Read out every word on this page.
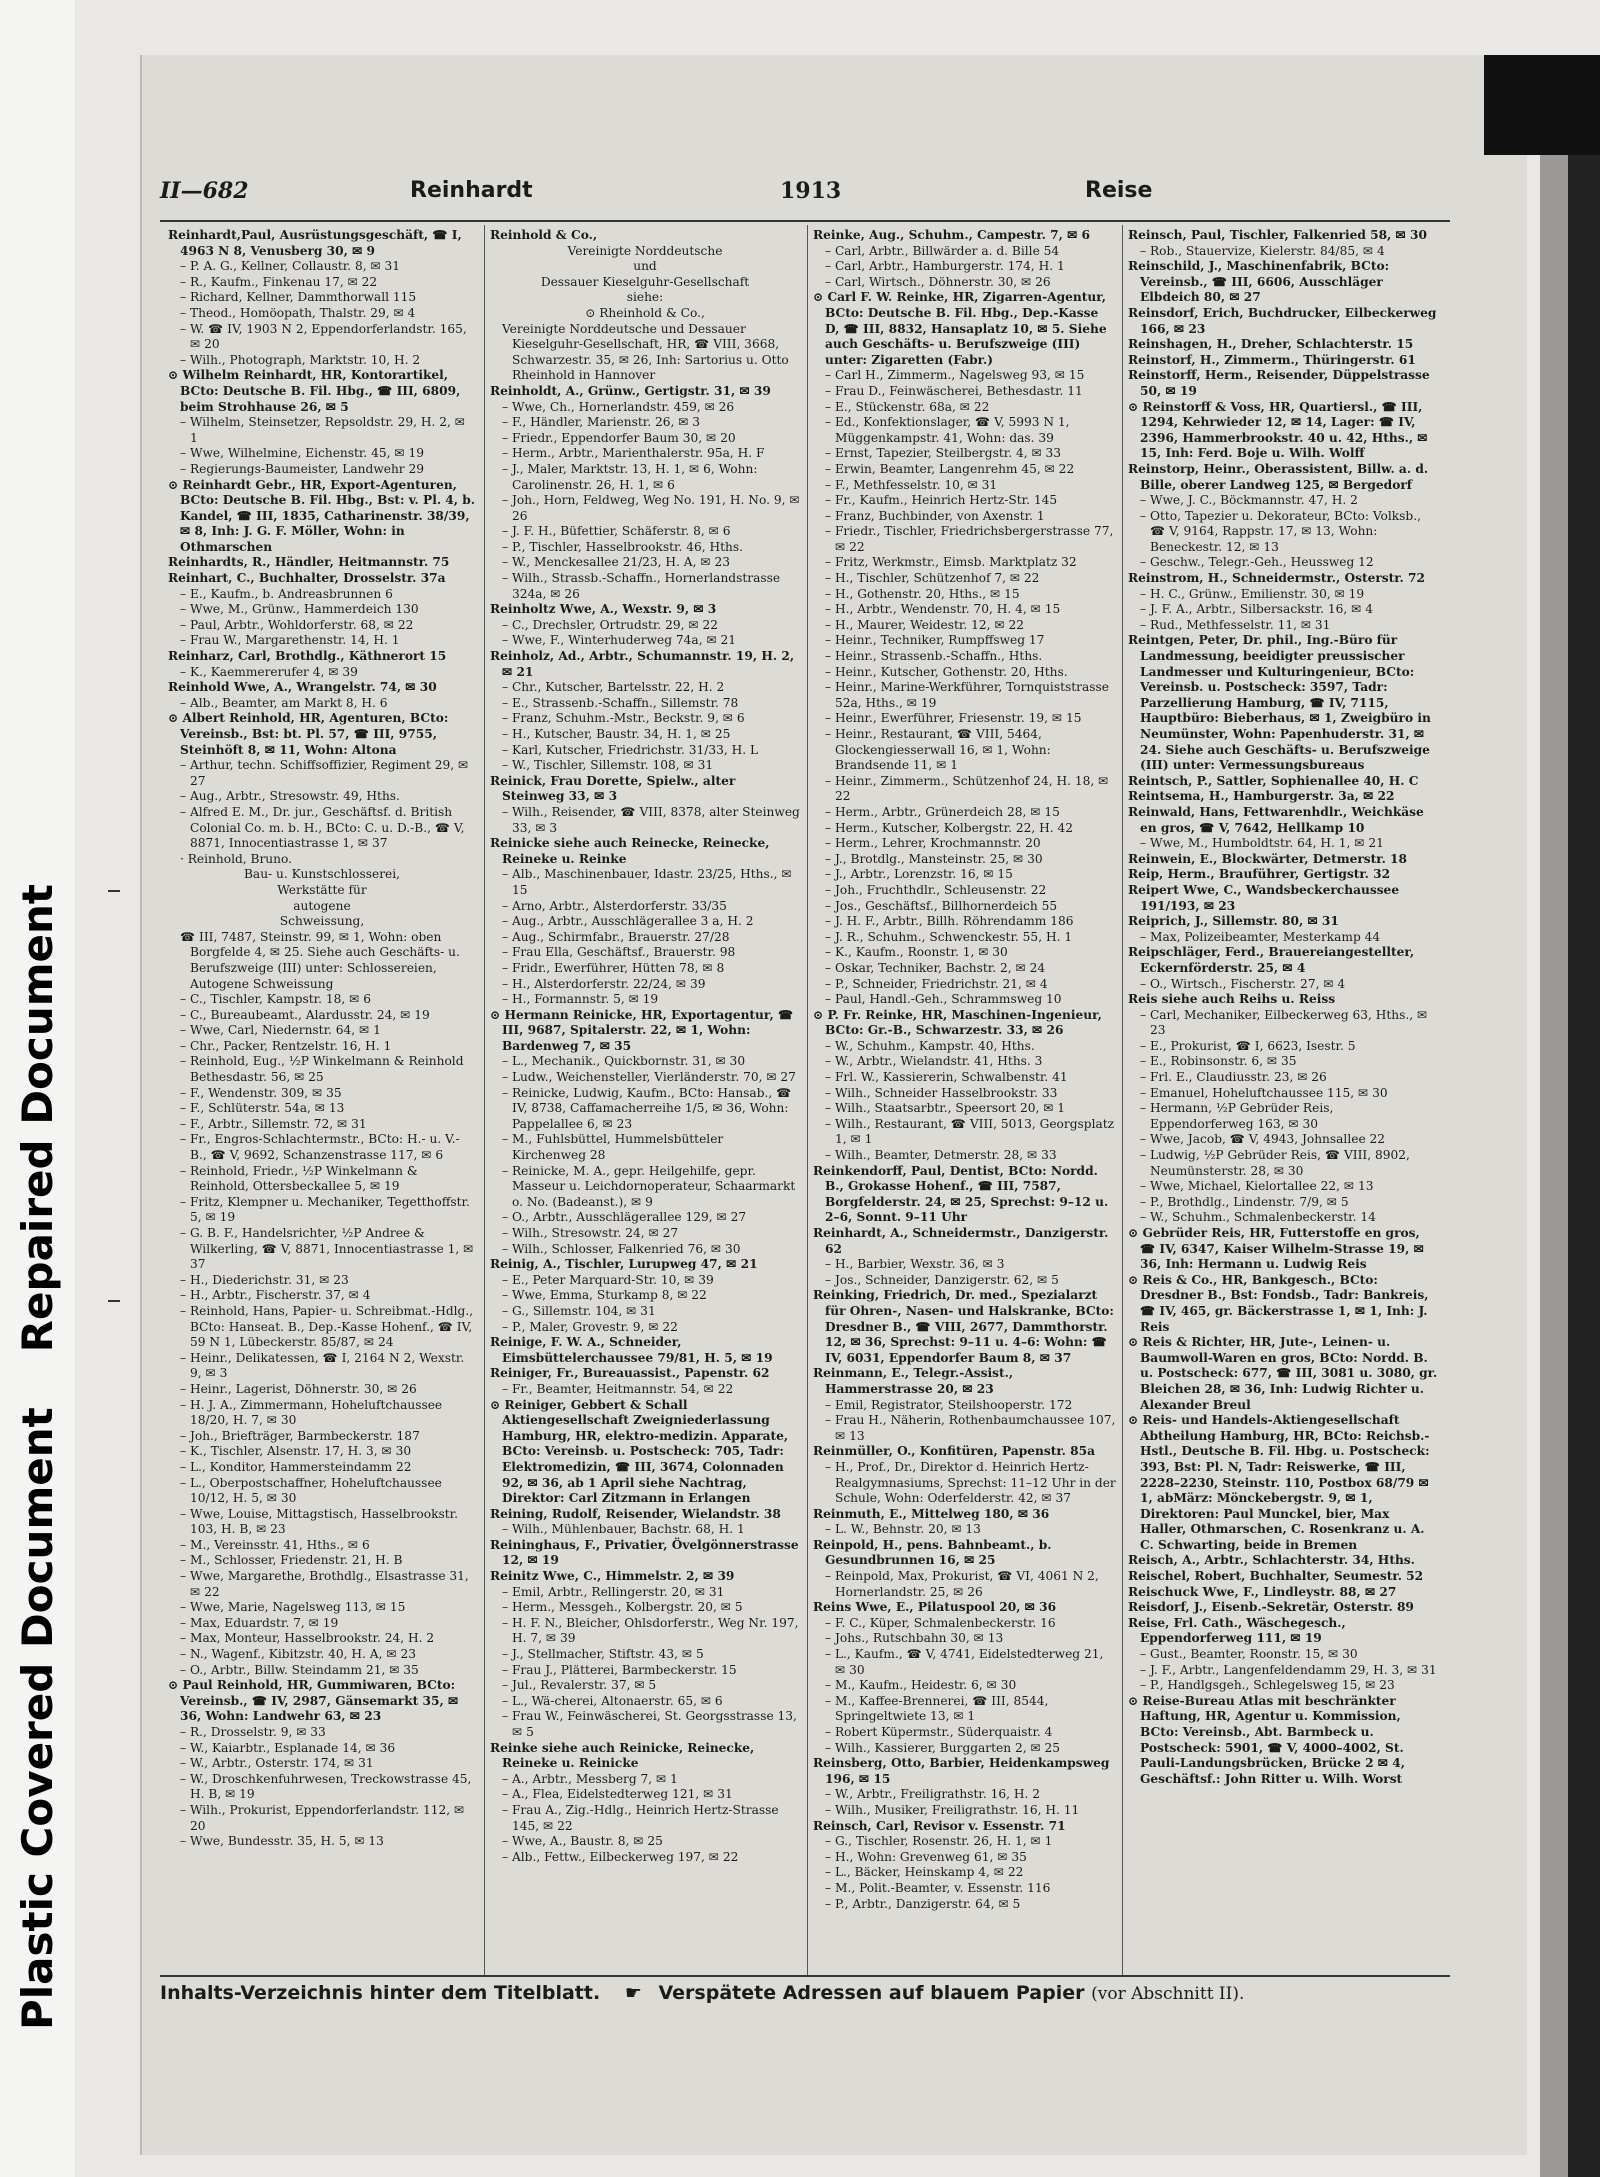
Plastic Covered Document
Repaired Document
II—682	Reinhardt	1913	Reise

Reinhardt,Paul, Ausrüstungsgeschäft, ☎ I, 4963 N 8, Venusberg 30, ✉ 9

– P. A. G., Kellner, Collaustr. 8, ✉ 31

– R., Kaufm., Finkenau 17, ✉ 22

– Richard, Kellner, Dammthorwall 115

– Theod., Homöopath, Thalstr. 29, ✉ 4

– W. ☎ IV, 1903 N 2, Eppendorferlandstr. 165, ✉ 20

– Wilh., Photograph, Marktstr. 10, H. 2

⊙ Wilhelm Reinhardt, HR, Kontorartikel, BCto: Deutsche B. Fil. Hbg., ☎ III, 6809, beim Strohhause 26, ✉ 5

– Wilhelm, Steinsetzer, Repsoldstr. 29, H. 2, ✉ 1

– Wwe, Wilhelmine, Eichenstr. 45, ✉ 19

– Regierungs-Baumeister, Landwehr 29

⊙ Reinhardt Gebr., HR, Export-Agenturen, BCto: Deutsche B. Fil. Hbg., Bst: v. Pl. 4, b. Kandel, ☎ III, 1835, Catharinenstr. 38/39, ✉ 8, Inh: J. G. F. Möller, Wohn: in Othmarschen

Reinhardts, R., Händler, Heitmannstr. 75

Reinhart, C., Buchhalter, Drosselstr. 37a

– E., Kaufm., b. Andreasbrunnen 6

– Wwe, M., Grünw., Hammerdeich 130

– Paul, Arbtr., Wohldorferstr. 68, ✉ 22

– Frau W., Margarethenstr. 14, H. 1

Reinharz, Carl, Brothdlg., Käthnerort 15

– K., Kaemmererufer 4, ✉ 39

Reinhold Wwe, A., Wrangelstr. 74, ✉ 30

– Alb., Beamter, am Markt 8, H. 6

⊙ Albert Reinhold, HR, Agenturen, BCto: Vereinsb., Bst: bt. Pl. 57, ☎ III, 9755, Steinhöft 8, ✉ 11, Wohn: Altona

– Arthur, techn. Schiffsoffizier, Regiment 29, ✉ 27

– Aug., Arbtr., Stresowstr. 49, Hths.

– Alfred E. M., Dr. jur., Geschäftsf. d. British Colonial Co. m. b. H., BCto: C. u. D.-B., ☎ V, 8871, Innocentiastrasse 1, ✉ 37

· Reinhold, Bruno.

Bau- u. Kunstschlosserei,

Werkstätte für

autogene

Schweissung,

☎ III, 7487, Steinstr. 99, ✉ 1, Wohn: oben Borgfelde 4, ✉ 25. Siehe auch Geschäfts- u. Berufszweige (III) unter: Schlossereien, Autogene Schweissung

– C., Tischler, Kampstr. 18, ✉ 6

– C., Bureaubeamt., Alardusstr. 24, ✉ 19

– Wwe, Carl, Niedernstr. 64, ✉ 1

– Chr., Packer, Rentzelstr. 16, H. 1

– Reinhold, Eug., ½P Winkelmann & Reinhold Bethesdastr. 56, ✉ 25

– F., Wendenstr. 309, ✉ 35

– F., Schlüterstr. 54a, ✉ 13

– F., Arbtr., Sillemstr. 72, ✉ 31

– Fr., Engros-Schlachtermstr., BCto: H.- u. V.-B., ☎ V, 9692, Schanzenstrasse 117, ✉ 6

– Reinhold, Friedr., ½P Winkelmann & Reinhold, Ottersbeckallee 5, ✉ 19

– Fritz, Klempner u. Mechaniker, Tegetthoffstr. 5, ✉ 19

– G. B. F., Handelsrichter, ½P Andree & Wilkerling, ☎ V, 8871, Innocentiastrasse 1, ✉ 37

– H., Diederichstr. 31, ✉ 23

– H., Arbtr., Fischerstr. 37, ✉ 4

– Reinhold, Hans, Papier- u. Schreibmat.-Hdlg., BCto: Hanseat. B., Dep.-Kasse Hohenf., ☎ IV, 59 N 1, Lübeckerstr. 85/87, ✉ 24

– Heinr., Delikatessen, ☎ I, 2164 N 2, Wexstr. 9, ✉ 3

– Heinr., Lagerist, Döhnerstr. 30, ✉ 26

– H. J. A., Zimmermann, Hoheluftchaussee 18/20, H. 7, ✉ 30

– Joh., Briefträger, Barmbeckerstr. 187

– K., Tischler, Alsenstr. 17, H. 3, ✉ 30

– L., Konditor, Hammersteindamm 22

– L., Oberpostschaffner, Hoheluftchaussee 10/12, H. 5, ✉ 30

– Wwe, Louise, Mittagstisch, Hasselbrookstr. 103, H. B, ✉ 23

– M., Vereinsstr. 41, Hths., ✉ 6

– M., Schlosser, Friedenstr. 21, H. B

– Wwe, Margarethe, Brothdlg., Elsastrasse 31, ✉ 22

– Wwe, Marie, Nagelsweg 113, ✉ 15

– Max, Eduardstr. 7, ✉ 19

– Max, Monteur, Hasselbrookstr. 24, H. 2

– N., Wagenf., Kibitzstr. 40, H. A, ✉ 23

– O., Arbtr., Billw. Steindamm 21, ✉ 35

⊙ Paul Reinhold, HR, Gummiwaren, BCto: Vereinsb., ☎ IV, 2987, Gänsemarkt 35, ✉ 36, Wohn: Landwehr 63, ✉ 23

– R., Drosselstr. 9, ✉ 33

– W., Kaiarbtr., Esplanade 14, ✉ 36

– W., Arbtr., Osterstr. 174, ✉ 31

– W., Droschkenfuhrwesen, Treckowstrasse 45, H. B, ✉ 19

– Wilh., Prokurist, Eppendorferlandstr. 112, ✉ 20

– Wwe, Bundesstr. 35, H. 5, ✉ 13

Reinhold & Co.,

Vereinigte Norddeutsche

und

Dessauer Kieselguhr-Gesellschaft

siehe:

⊙ Rheinhold & Co.,

Vereinigte Norddeutsche und Dessauer Kieselguhr-Gesellschaft, HR, ☎ VIII, 3668, Schwarzestr. 35, ✉ 26, Inh: Sartorius u. Otto Rheinhold in Hannover

Reinholdt, A., Grünw., Gertigstr. 31, ✉ 39

– Wwe, Ch., Hornerlandstr. 459, ✉ 26

– F., Händler, Marienstr. 26, ✉ 3

– Friedr., Eppendorfer Baum 30, ✉ 20

– Herm., Arbtr., Marienthalerstr. 95a, H. F

– J., Maler, Marktstr. 13, H. 1, ✉ 6, Wohn: Carolinenstr. 26, H. 1, ✉ 6

– Joh., Horn, Feldweg, Weg No. 191, H. No. 9, ✉ 26

– J. F. H., Büfettier, Schäferstr. 8, ✉ 6

– P., Tischler, Hasselbrookstr. 46, Hths.

– W., Menckesallee 21/23, H. A, ✉ 23

– Wilh., Strassb.-Schaffn., Hornerlandstrasse 324a, ✉ 26

Reinholtz Wwe, A., Wexstr. 9, ✉ 3

– C., Drechsler, Ortrudstr. 29, ✉ 22

– Wwe, F., Winterhuderweg 74a, ✉ 21

Reinholz, Ad., Arbtr., Schumannstr. 19, H. 2, ✉ 21

– Chr., Kutscher, Bartelsstr. 22, H. 2

– E., Strassenb.-Schaffn., Sillemstr. 78

– Franz, Schuhm.-Mstr., Beckstr. 9, ✉ 6

– H., Kutscher, Baustr. 34, H. 1, ✉ 25

– Karl, Kutscher, Friedrichstr. 31/33, H. L

– W., Tischler, Sillemstr. 108, ✉ 31

Reinick, Frau Dorette, Spielw., alter Steinweg 33, ✉ 3

– Wilh., Reisender, ☎ VIII, 8378, alter Steinweg 33, ✉ 3

Reinicke siehe auch Reinecke, Reinecke, Reineke u. Reinke

– Alb., Maschinenbauer, Idastr. 23/25, Hths., ✉ 15

– Arno, Arbtr., Alsterdorferstr. 33/35

– Aug., Arbtr., Ausschlägerallee 3 a, H. 2

– Aug., Schirmfabr., Brauerstr. 27/28

– Frau Ella, Geschäftsf., Brauerstr. 98

– Fridr., Ewerführer, Hütten 78, ✉ 8

– H., Alsterdorferstr. 22/24, ✉ 39

– H., Formannstr. 5, ✉ 19

⊙ Hermann Reinicke, HR, Exportagentur, ☎ III, 9687, Spitalerstr. 22, ✉ 1, Wohn: Bardenweg 7, ✉ 35

– L., Mechanik., Quickbornstr. 31, ✉ 30

– Ludw., Weichensteller, Vierländerstr. 70, ✉ 27

– Reinicke, Ludwig, Kaufm., BCto: Hansab., ☎ IV, 8738, Caffamacherreihe 1/5, ✉ 36, Wohn: Pappelallee 6, ✉ 23

– M., Fuhlsbüttel, Hummelsbütteler Kirchenweg 28

– Reinicke, M. A., gepr. Heilgehilfe, gepr. Masseur u. Leichdornoperateur, Schaarmarkt o. No. (Badeanst.), ✉ 9

– O., Arbtr., Ausschlägerallee 129, ✉ 27

– Wilh., Stresowstr. 24, ✉ 27

– Wilh., Schlosser, Falkenried 76, ✉ 30

Reinig, A., Tischler, Lurupweg 47, ✉ 21

– E., Peter Marquard-Str. 10, ✉ 39

– Wwe, Emma, Sturkamp 8, ✉ 22

– G., Sillemstr. 104, ✉ 31

– P., Maler, Grovestr. 9, ✉ 22

Reinige, F. W. A., Schneider, Eimsbüttelerchaussee 79/81, H. 5, ✉ 19

Reiniger, Fr., Bureauassist., Papenstr. 62

– Fr., Beamter, Heitmannstr. 54, ✉ 22

⊙ Reiniger, Gebbert & Schall Aktiengesellschaft Zweigniederlassung Hamburg, HR, elektro-medizin. Apparate, BCto: Vereinsb. u. Postscheck: 705, Tadr: Elektromedizin, ☎ III, 3674, Colonnaden 92, ✉ 36, ab 1 April siehe Nachtrag, Direktor: Carl Zitzmann in Erlangen

Reining, Rudolf, Reisender, Wielandstr. 38

– Wilh., Mühlenbauer, Bachstr. 68, H. 1

Reininghaus, F., Privatier, Övelgönnerstrasse 12, ✉ 19

Reinitz Wwe, C., Himmelstr. 2, ✉ 39

– Emil, Arbtr., Rellingerstr. 20, ✉ 31

– Herm., Messgeh., Kolbergstr. 20, ✉ 5

– H. F. N., Bleicher, Ohlsdorferstr., Weg Nr. 197, H. 7, ✉ 39

– J., Stellmacher, Stiftstr. 43, ✉ 5

– Frau J., Plätterei, Barmbeckerstr. 15

– Jul., Revalerstr. 37, ✉ 5

– L., Wä-cherei, Altonaerstr. 65, ✉ 6

– Frau W., Feinwäscherei, St. Georgsstrasse 13, ✉ 5

Reinke siehe auch Reinicke, Reinecke, Reineke u. Reinicke

– A., Arbtr., Messberg 7, ✉ 1

– A., Flea, Eidelstedterweg 121, ✉ 31

– Frau A., Zig.-Hdlg., Heinrich Hertz-Strasse 145, ✉ 22

– Wwe, A., Baustr. 8, ✉ 25

– Alb., Fettw., Eilbeckerweg 197, ✉ 22

Reinke, Aug., Schuhm., Campestr. 7, ✉ 6

– Carl, Arbtr., Billwärder a. d. Bille 54

– Carl, Arbtr., Hamburgerstr. 174, H. 1

– Carl, Wirtsch., Döhnerstr. 30, ✉ 26

⊙ Carl F. W. Reinke, HR, Zigarren-Agentur, BCto: Deutsche B. Fil. Hbg., Dep.-Kasse D, ☎ III, 8832, Hansaplatz 10, ✉ 5. Siehe auch Geschäfts- u. Berufszweige (III) unter: Zigaretten (Fabr.)

– Carl H., Zimmerm., Nagelsweg 93, ✉ 15

– Frau D., Feinwäscherei, Bethesdastr. 11

– E., Stückenstr. 68a, ✉ 22

– Ed., Konfektionslager, ☎ V, 5993 N 1, Müggenkampstr. 41, Wohn: das. 39

– Ernst, Tapezier, Steilbergstr. 4, ✉ 33

– Erwin, Beamter, Langenrehm 45, ✉ 22

– F., Methfesselstr. 10, ✉ 31

– Fr., Kaufm., Heinrich Hertz-Str. 145

– Franz, Buchbinder, von Axenstr. 1

– Friedr., Tischler, Friedrichsbergerstrasse 77, ✉ 22

– Fritz, Werkmstr., Eimsb. Marktplatz 32

– H., Tischler, Schützenhof 7, ✉ 22

– H., Gothenstr. 20, Hths., ✉ 15

– H., Arbtr., Wendenstr. 70, H. 4, ✉ 15

– H., Maurer, Weidestr. 12, ✉ 22

– Heinr., Techniker, Rumpffsweg 17

– Heinr., Strassenb.-Schaffn., Hths.

– Heinr., Kutscher, Gothenstr. 20, Hths.

– Heinr., Marine-Werkführer, Tornquiststrasse 52a, Hths., ✉ 19

– Heinr., Ewerführer, Friesenstr. 19, ✉ 15

– Heinr., Restaurant, ☎ VIII, 5464, Glockengiesserwall 16, ✉ 1, Wohn: Brandsende 11, ✉ 1

– Heinr., Zimmerm., Schützenhof 24, H. 18, ✉ 22

– Herm., Arbtr., Grünerdeich 28, ✉ 15

– Herm., Kutscher, Kolbergstr. 22, H. 42

– Herm., Lehrer, Krochmannstr. 20

– J., Brotdlg., Mansteinstr. 25, ✉ 30

– J., Arbtr., Lorenzstr. 16, ✉ 15

– Joh., Fruchthdlr., Schleusenstr. 22

– Jos., Geschäftsf., Billhornerdeich 55

– J. H. F., Arbtr., Billh. Röhrendamm 186

– J. R., Schuhm., Schwenckestr. 55, H. 1

– K., Kaufm., Roonstr. 1, ✉ 30

– Oskar, Techniker, Bachstr. 2, ✉ 24

– P., Schneider, Friedrichstr. 21, ✉ 4

– Paul, Handl.-Geh., Schrammsweg 10

⊙ P. Fr. Reinke, HR, Maschinen-Ingenieur, BCto: Gr.-B., Schwarzestr. 33, ✉ 26

– W., Schuhm., Kampstr. 40, Hths.

– W., Arbtr., Wielandstr. 41, Hths. 3

– Frl. W., Kassiererin, Schwalbenstr. 41

– Wilh., Schneider Hasselbrookstr. 33

– Wilh., Staatsarbtr., Speersort 20, ✉ 1

– Wilh., Restaurant, ☎ VIII, 5013, Georgsplatz 1, ✉ 1

– Wilh., Beamter, Detmerstr. 28, ✉ 33

Reinkendorff, Paul, Dentist, BCto: Nordd. B., Grokasse Hohenf., ☎ III, 7587, Borgfelderstr. 24, ✉ 25, Sprechst: 9–12 u. 2–6, Sonnt. 9–11 Uhr

Reinhardt, A., Schneidermstr., Danzigerstr. 62

– H., Barbier, Wexstr. 36, ✉ 3

– Jos., Schneider, Danzigerstr. 62, ✉ 5

Reinking, Friedrich, Dr. med., Spezialarzt für Ohren-, Nasen- und Halskranke, BCto: Dresdner B., ☎ VIII, 2677, Dammthorstr. 12, ✉ 36, Sprechst: 9–11 u. 4–6: Wohn: ☎ IV, 6031, Eppendorfer Baum 8, ✉ 37

Reinmann, E., Telegr.-Assist., Hammerstrasse 20, ✉ 23

– Emil, Registrator, Steilshooperstr. 172

– Frau H., Näherin, Rothenbaumchaussee 107, ✉ 13

Reinmüller, O., Konfitüren, Papenstr. 85a

– H., Prof., Dr., Direktor d. Heinrich Hertz-Realgymnasiums, Sprechst: 11–12 Uhr in der Schule, Wohn: Oderfelderstr. 42, ✉ 37

Reinmuth, E., Mittelweg 180, ✉ 36

– L. W., Behnstr. 20, ✉ 13

Reinpold, H., pens. Bahnbeamt., b. Gesundbrunnen 16, ✉ 25

– Reinpold, Max, Prokurist, ☎ VI, 4061 N 2, Hornerlandstr. 25, ✉ 26

Reins Wwe, E., Pilatuspool 20, ✉ 36

– F. C., Küper, Schmalenbeckerstr. 16

– Johs., Rutschbahn 30, ✉ 13

– L., Kaufm., ☎ V, 4741, Eidelstedterweg 21, ✉ 30

– M., Kaufm., Heidestr. 6, ✉ 30

– M., Kaffee-Brennerei, ☎ III, 8544, Springeltwiete 13, ✉ 1

– Robert Küpermstr., Süderquaistr. 4

– Wilh., Kassierer, Burggarten 2, ✉ 25

Reinsberg, Otto, Barbier, Heidenkampsweg 196, ✉ 15

– W., Arbtr., Freiligrathstr. 16, H. 2

– Wilh., Musiker, Freiligrathstr. 16, H. 11

Reinsch, Carl, Revisor v. Essenstr. 71

– G., Tischler, Rosenstr. 26, H. 1, ✉ 1

– H., Wohn: Grevenweg 61, ✉ 35

– L., Bäcker, Heinskamp 4, ✉ 22

– M., Polit.-Beamter, v. Essenstr. 116

– P., Arbtr., Danzigerstr. 64, ✉ 5

Reinsch, Paul, Tischler, Falkenried 58, ✉ 30

– Rob., Stauervize, Kielerstr. 84/85, ✉ 4

Reinschild, J., Maschinenfabrik, BCto: Vereinsb., ☎ III, 6606, Ausschläger Elbdeich 80, ✉ 27

Reinsdorf, Erich, Buchdrucker, Eilbeckerweg 166, ✉ 23

Reinshagen, H., Dreher, Schlachterstr. 15

Reinstorf, H., Zimmerm., Thüringerstr. 61

Reinstorff, Herm., Reisender, Düppelstrasse 50, ✉ 19

⊙ Reinstorff & Voss, HR, Quartiersl., ☎ III, 1294, Kehrwieder 12, ✉ 14, Lager: ☎ IV, 2396, Hammerbrookstr. 40 u. 42, Hths., ✉ 15, Inh: Ferd. Boje u. Wilh. Wolff

Reinstorp, Heinr., Oberassistent, Billw. a. d. Bille, oberer Landweg 125, ✉ Bergedorf

– Wwe, J. C., Böckmannstr. 47, H. 2

– Otto, Tapezier u. Dekorateur, BCto: Volksb., ☎ V, 9164, Rappstr. 17, ✉ 13, Wohn: Beneckestr. 12, ✉ 13

– Geschw., Telegr.-Geh., Heussweg 12

Reinstrom, H., Schneidermstr., Osterstr. 72

– H. C., Grünw., Emilienstr. 30, ✉ 19

– J. F. A., Arbtr., Silbersackstr. 16, ✉ 4

– Rud., Methfesselstr. 11, ✉ 31

Reintgen, Peter, Dr. phil., Ing.-Büro für Landmessung, beeidigter preussischer Landmesser und Kulturingenieur, BCto: Vereinsb. u. Postscheck: 3597, Tadr: Parzellierung Hamburg, ☎ IV, 7115, Hauptbüro: Bieberhaus, ✉ 1, Zweigbüro in Neumünster, Wohn: Papenhuderstr. 31, ✉ 24. Siehe auch Geschäfts- u. Berufszweige (III) unter: Vermessungsbureaus

Reintsch, P., Sattler, Sophienallee 40, H. C

Reintsema, H., Hamburgerstr. 3a, ✉ 22

Reinwald, Hans, Fettwarenhdlr., Weichkäse en gros, ☎ V, 7642, Hellkamp 10

– Wwe, M., Humboldtstr. 64, H. 1, ✉ 21

Reinwein, E., Blockwärter, Detmerstr. 18

Reip, Herm., Brauführer, Gertigstr. 32

Reipert Wwe, C., Wandsbeckerchaussee 191/193, ✉ 23

Reiprich, J., Sillemstr. 80, ✉ 31

– Max, Polizeibeamter, Mesterkamp 44

Reipschläger, Ferd., Brauereiangestellter, Eckernförderstr. 25, ✉ 4

– O., Wirtsch., Fischerstr. 27, ✉ 4

Reis siehe auch Reihs u. Reiss

– Carl, Mechaniker, Eilbeckerweg 63, Hths., ✉ 23

– E., Prokurist, ☎ I, 6623, Isestr. 5

– E., Robinsonstr. 6, ✉ 35

– Frl. E., Claudiusstr. 23, ✉ 26

– Emanuel, Hoheluftchaussee 115, ✉ 30

– Hermann, ½P Gebrüder Reis, Eppendorferweg 163, ✉ 30

– Wwe, Jacob, ☎ V, 4943, Johnsallee 22

– Ludwig, ½P Gebrüder Reis, ☎ VIII, 8902, Neumünsterstr. 28, ✉ 30

– Wwe, Michael, Kielortallee 22, ✉ 13

– P., Brothdlg., Lindenstr. 7/9, ✉ 5

– W., Schuhm., Schmalenbeckerstr. 14

⊙ Gebrüder Reis, HR, Futterstoffe en gros, ☎ IV, 6347, Kaiser Wilhelm-Strasse 19, ✉ 36, Inh: Hermann u. Ludwig Reis

⊙ Reis & Co., HR, Bankgesch., BCto: Dresdner B., Bst: Fondsb., Tadr: Bankreis, ☎ IV, 465, gr. Bäckerstrasse 1, ✉ 1, Inh: J. Reis

⊙ Reis & Richter, HR, Jute-, Leinen- u. Baumwoll-Waren en gros, BCto: Nordd. B. u. Postscheck: 677, ☎ III, 3081 u. 3080, gr. Bleichen 28, ✉ 36, Inh: Ludwig Richter u. Alexander Breul

⊙ Reis- und Handels-Aktiengesellschaft Abtheilung Hamburg, HR, BCto: Reichsb.-Hstl., Deutsche B. Fil. Hbg. u. Postscheck: 393, Bst: Pl. N, Tadr: Reiswerke, ☎ III, 2228–2230, Steinstr. 110, Postbox 68/79 ✉ 1, abMärz: Mönckebergstr. 9, ✉ 1, Direktoren: Paul Munckel, bier, Max Haller, Othmarschen, C. Rosenkranz u. A. C. Schwarting, beide in Bremen

Reisch, A., Arbtr., Schlachterstr. 34, Hths.

Reischel, Robert, Buchhalter, Seumestr. 52

Reischuck Wwe, F., Lindleystr. 88, ✉ 27

Reisdorf, J., Eisenb.-Sekretär, Osterstr. 89

Reise, Frl. Cath., Wäschegesch., Eppendorferweg 111, ✉ 19

– Gust., Beamter, Roonstr. 15, ✉ 30

– J. F., Arbtr., Langenfeldendamm 29, H. 3, ✉ 31

– P., Handlgsgeh., Schlegelsweg 15, ✉ 23

⊙ Reise-Bureau Atlas mit beschränkter Haftung, HR, Agentur u. Kommission, BCto: Vereinsb., Abt. Barmbeck u. Postscheck: 5901, ☎ V, 4000–4002, St. Pauli-Landungsbrücken, Brücke 2 ✉ 4, Geschäftsf.: John Ritter u. Wilh. Worst

Inhalts-Verzeichnis hinter dem Titelblatt. ☛ Verspätete Adressen auf blauem Papier (vor Abschnitt II).
